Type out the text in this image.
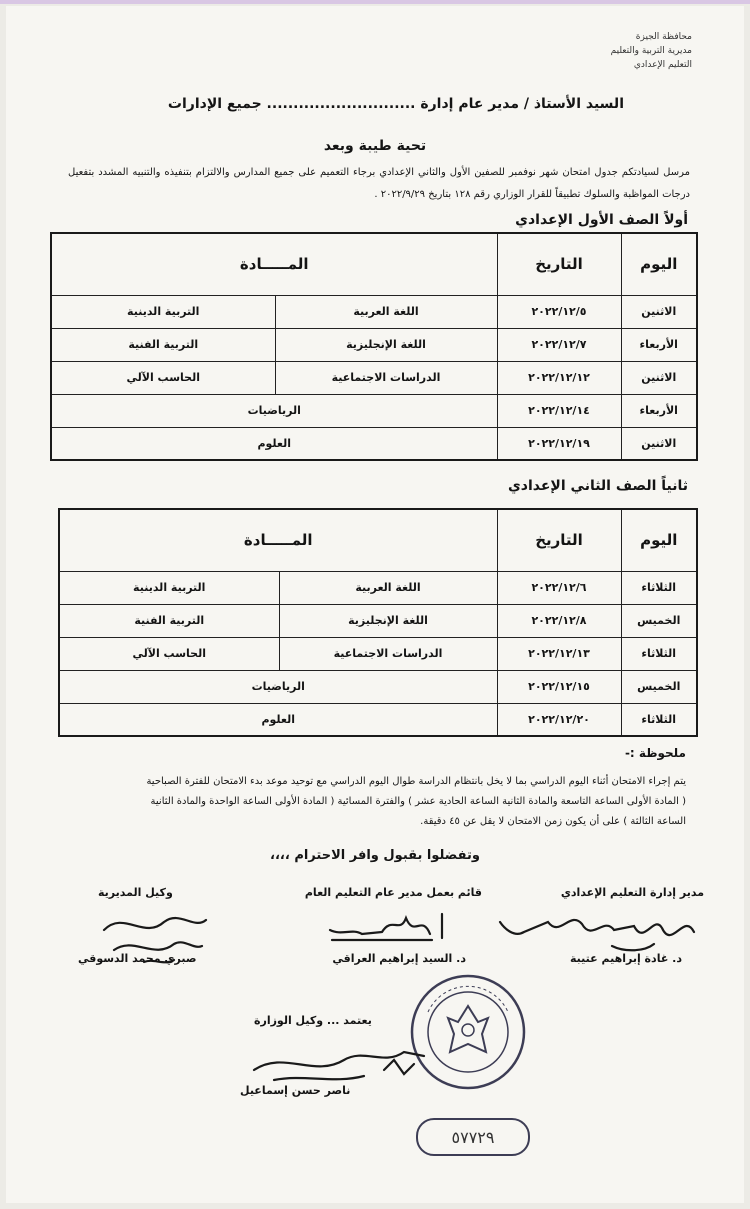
محافظة الجيزة
مديرية التربية والتعليم
التعليم الإعدادي
السيد الأستاذ / مدير عام إدارة ............................ جميع الإدارات
تحية طيبة وبعد
مرسل لسيادتكم جدول امتحان شهر نوفمبر للصفين الأول والثاني الإعدادي برجاء التعميم على جميع المدارس والالتزام بتنفيذه والتنبيه المشدد بتفعيل درجات المواظبة والسلوك تطبيقاً للقرار الوزاري رقم ١٢٨ بتاريخ ٢٠٢٢/٩/٢٩ .
أولاً الصف الأول الإعدادي
اليوم	التاريخ	المـــــادة	
الاثنين	٢٠٢٢/١٢/٥	اللغة العربية	التربية الدينية
الأربعاء	٢٠٢٢/١٢/٧	اللغة الإنجليزية	التربية الفنية
الاثنين	٢٠٢٢/١٢/١٢	الدراسات الاجتماعية	الحاسب الآلي
الأربعاء	٢٠٢٢/١٢/١٤	الرياضيات	
الاثنين	٢٠٢٢/١٢/١٩	العلوم	
ثانياً الصف الثاني الإعدادي
اليوم	التاريخ	المـــــادة	
الثلاثاء	٢٠٢٢/١٢/٦	اللغة العربية	التربية الدينية
الخميس	٢٠٢٢/١٢/٨	اللغة الإنجليزية	التربية الفنية
الثلاثاء	٢٠٢٢/١٢/١٣	الدراسات الاجتماعية	الحاسب الآلي
الخميس	٢٠٢٢/١٢/١٥	الرياضيات	
الثلاثاء	٢٠٢٢/١٢/٢٠	العلوم	
ملحوظة :-
يتم إجراء الامتحان أثناء اليوم الدراسي بما لا يخل بانتظام الدراسة طوال اليوم الدراسي مع توحيد موعد بدء الامتحان للفترة الصباحية
( المادة الأولى الساعة التاسعة والمادة الثانية الساعة الحادية عشر ) والفترة المسائية ( المادة الأولى الساعة الواحدة والمادة الثانية
الساعة الثالثة ) على أن يكون زمن الامتحان لا يقل عن ٤٥ دقيقة.
وتفضلوا بقبول وافر الاحترام ،،،،
مدير إدارة التعليم الإعدادي
قائم بعمل مدير عام التعليم العام
وكيل المديرية
د. غادة إبراهيم عتيبة
د. السيد إبراهيم العراقي
صبري محمد الدسوقي
يعتمد ... وكيل الوزارة
ناصر حسن إسماعيل
٥٧٧٢٩
